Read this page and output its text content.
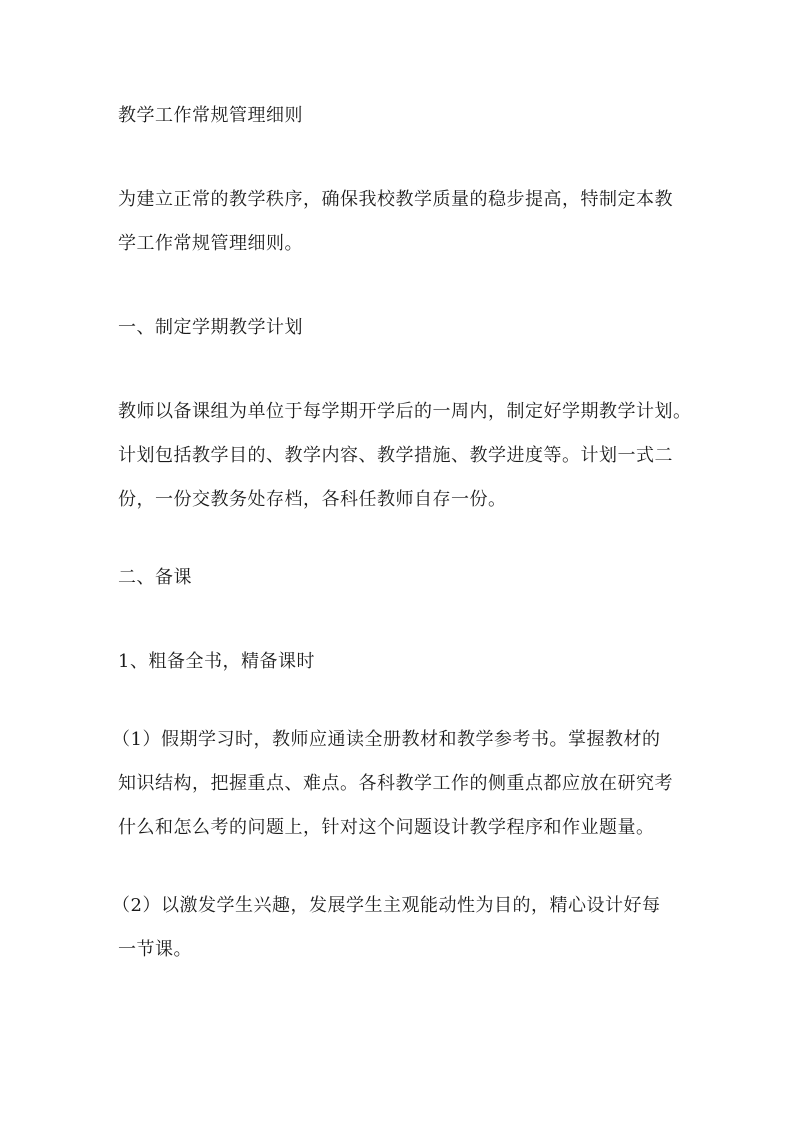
教学工作常规管理细则
为建立正常的教学秩序，确保我校教学质量的稳步提高，特制定本教
学工作常规管理细则。
一、制定学期教学计划
教师以备课组为单位于每学期开学后的一周内，制定好学期教学计划。
计划包括教学目的、教学内容、教学措施、教学进度等。计划一式二
份，一份交教务处存档，各科任教师自存一份。
二、备课
1、粗备全书，精备课时
（1）假期学习时，教师应通读全册教材和教学参考书。掌握教材的
知识结构，把握重点、难点。各科教学工作的侧重点都应放在研究考
什么和怎么考的问题上，针对这个问题设计教学程序和作业题量。
（2）以激发学生兴趣，发展学生主观能动性为目的，精心设计好每
一节课。
